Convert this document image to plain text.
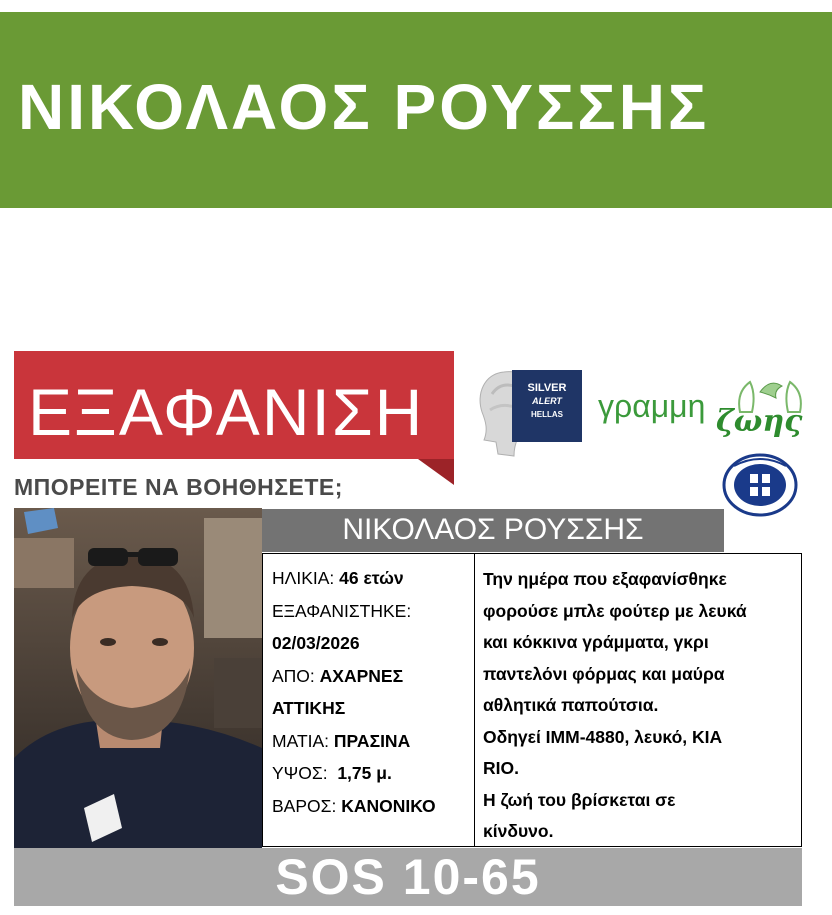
ΝΙΚΟΛΑΟΣ ΡΟΥΣΣΗΣ
ΕΞΑΦΑΝΙΣΗ
ΜΠΟΡΕΙΤΕ ΝΑ ΒΟΗΘΗΣΕΤΕ;
SILVER
ALERT
HELLAS	γραμμη ζωης
ΝΙΚΟΛΑΟΣ ΡΟΥΣΣΗΣ
ΗΛΙΚΙΑ: 46 ετών
ΕΞΑΦΑΝΙΣΤΗΚΕ:
02/03/2026
ΑΠΟ: ΑΧΑΡΝΕΣ
ΑΤΤΙΚΗΣ
ΜΑΤΙΑ: ΠΡΑΣΙΝΑ
ΥΨΟΣ: 1,75 μ.
ΒΑΡΟΣ: ΚΑΝΟΝΙΚΟ
Την ημέρα που εξαφανίσθηκε
φορούσε μπλε φούτερ με λευκά
και κόκκινα γράμματα, γκρι
παντελόνι φόρμας και μαύρα
αθλητικά παπούτσια.
Οδηγεί ΙΜΜ-4880, λευκό, KIA
RIO.
Η ζωή του βρίσκεται σε
κίνδυνο.
SOS 10-65
